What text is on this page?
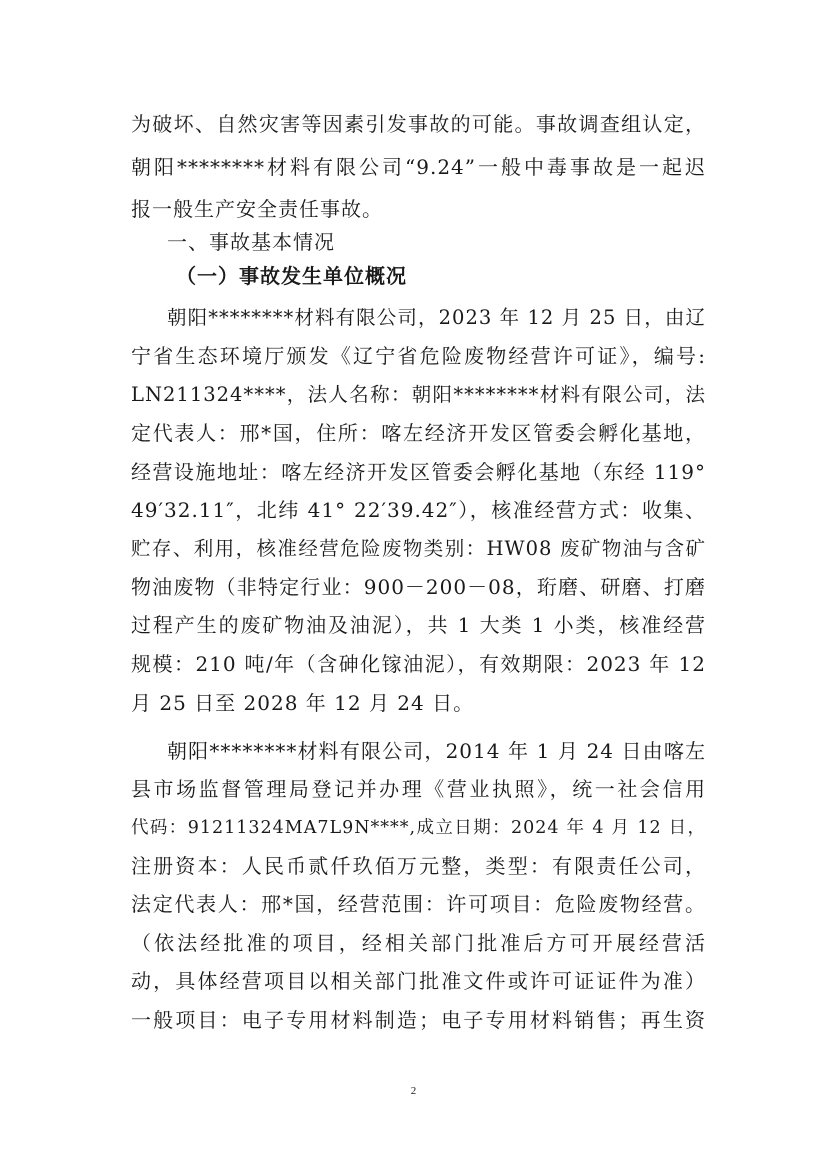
为破坏、自然灾害等因素引发事故的可能。事故调查组认定，
朝阳********材料有限公司“9.24”一般中毒事故是一起迟
报一般生产安全责任事故。
一、事故基本情况
（一）事故发生单位概况
朝阳********材料有限公司，2023 年 12 月 25 日，由辽
宁省生态环境厅颁发《辽宁省危险废物经营许可证》，编号:
LN211324****，法人名称：朝阳********材料有限公司，法
定代表人：邢*国，住所：喀左经济开发区管委会孵化基地，
经营设施地址：喀左经济开发区管委会孵化基地（东经 119°
49′32.11″，北纬 41° 22′39.42″），核准经营方式：收集、
贮存、利用，核准经营危险废物类别：HW08 废矿物油与含矿
物油废物（非特定行业：900－200－08，珩磨、研磨、打磨
过程产生的废矿物油及油泥），共 1 大类 1 小类，核准经营
规模：210 吨/年（含砷化镓油泥），有效期限：2023 年 12
月 25 日至 2028 年 12 月 24 日。
朝阳********材料有限公司，2014 年 1 月 24 日由喀左
县市场监督管理局登记并办理《营业执照》，统一社会信用
代码：91211324MA7L9N****,成立日期：2024 年 4 月 12 日，
注册资本：人民币贰仟玖佰万元整，类型：有限责任公司，
法定代表人：邢*国，经营范围：许可项目：危险废物经营。
（依法经批准的项目，经相关部门批准后方可开展经营活
动，具体经营项目以相关部门批准文件或许可证证件为准）
一般项目：电子专用材料制造；电子专用材料销售；再生资
2
